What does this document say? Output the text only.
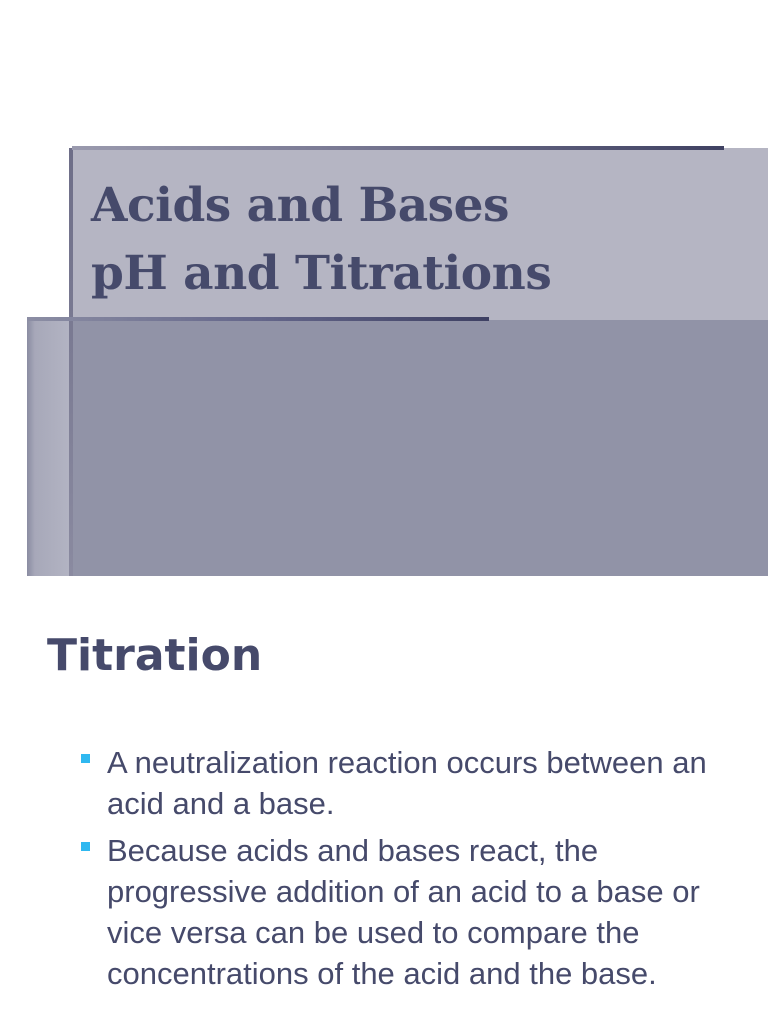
Acids and Bases
pH and Titrations
Titration
A neutralization reaction occurs between an acid and a base.
Because acids and bases react, the progressive addition of an acid to a base or vice versa can be used to compare the concentrations of the acid and the base.
